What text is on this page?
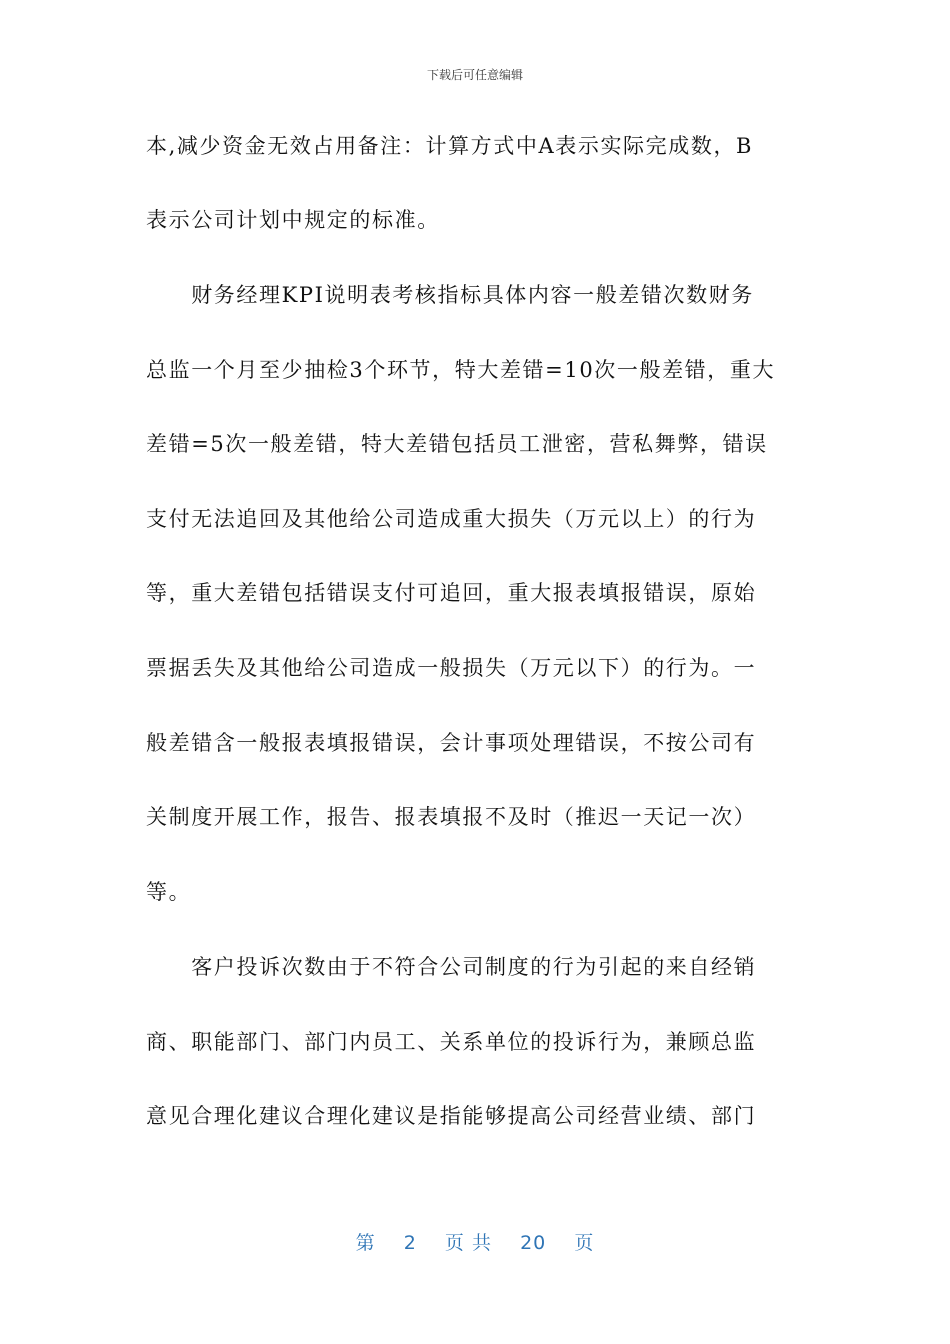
下载后可任意编辑
本,减少资金无效占用备注：计算方式中A表示实际完成数，B
表示公司计划中规定的标准。
　　财务经理KPI说明表考核指标具体内容一般差错次数财务
总监一个月至少抽检3个环节，特大差错=10次一般差错，重大
差错=5次一般差错，特大差错包括员工泄密，营私舞弊，错误
支付无法追回及其他给公司造成重大损失（万元以上）的行为
等，重大差错包括错误支付可追回，重大报表填报错误，原始
票据丢失及其他给公司造成一般损失（万元以下）的行为。一
般差错含一般报表填报错误，会计事项处理错误，不按公司有
关制度开展工作，报告、报表填报不及时（推迟一天记一次）
等。
　　客户投诉次数由于不符合公司制度的行为引起的来自经销
商、职能部门、部门内员工、关系单位的投诉行为，兼顾总监
意见合理化建议合理化建议是指能够提高公司经营业绩、部门
第 2 页 共 20 页
